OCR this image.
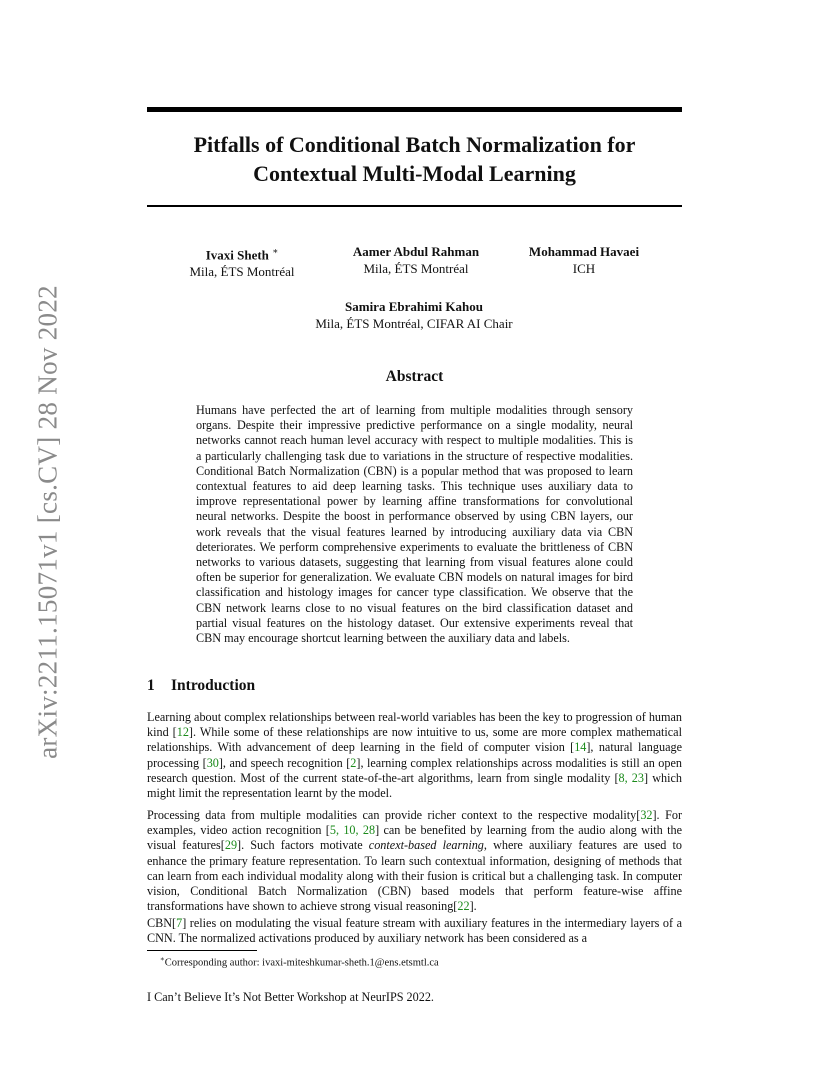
Pitfalls of Conditional Batch Normalization for
Contextual Multi-Modal Learning
arXiv:2211.15071v1 [cs.CV] 28 Nov 2022
Ivaxi Sheth ∗
Mila, ÉTS Montréal
Aamer Abdul Rahman
Mila, ÉTS Montréal
Mohammad Havaei
ICH
Samira Ebrahimi Kahou
Mila, ÉTS Montréal, CIFAR AI Chair
Abstract
Humans have perfected the art of learning from multiple modalities through sensory organs. Despite their impressive predictive performance on a single modality, neural networks cannot reach human level accuracy with respect to multiple modalities. This is a particularly challenging task due to variations in the structure of respective modalities. Conditional Batch Normalization (CBN) is a popular method that was proposed to learn contextual features to aid deep learning tasks. This technique uses auxiliary data to improve representational power by learning affine transformations for convolutional neural networks. Despite the boost in performance observed by using CBN layers, our work reveals that the visual features learned by introducing auxiliary data via CBN deteriorates. We perform comprehensive experiments to evaluate the brittleness of CBN networks to various datasets, suggesting that learning from visual features alone could often be superior for generalization. We evaluate CBN models on natural images for bird classification and histology images for cancer type classification. We observe that the CBN network learns close to no visual features on the bird classification dataset and partial visual features on the histology dataset. Our extensive experiments reveal that CBN may encourage shortcut learning between the auxiliary data and labels.
1 Introduction

Learning about complex relationships between real-world variables has been the key to progression of human kind [12]. While some of these relationships are now intuitive to us, some are more complex mathematical relationships. With advancement of deep learning in the field of computer vision [14], natural language processing [30], and speech recognition [2], learning complex relationships across modalities is still an open research question. Most of the current state-of-the-art algorithms, learn from single modality [8, 23] which might limit the representation learnt by the model.

Processing data from multiple modalities can provide richer context to the respective modality[32]. For examples, video action recognition [5, 10, 28] can be benefited by learning from the audio along with the visual features[29]. Such factors motivate context-based learning, where auxiliary features are used to enhance the primary feature representation. To learn such contextual information, designing of methods that can learn from each individual modality along with their fusion is critical but a challenging task. In computer vision, Conditional Batch Normalization (CBN) based models that perform feature-wise affine transformations have shown to achieve strong visual reasoning[22].

CBN[7] relies on modulating the visual feature stream with auxiliary features in the intermediary layers of a CNN. The normalized activations produced by auxiliary network has been considered as a

∗Corresponding author: ivaxi-miteshkumar-sheth.1@ens.etsmtl.ca
I Can’t Believe It’s Not Better Workshop at NeurIPS 2022.
